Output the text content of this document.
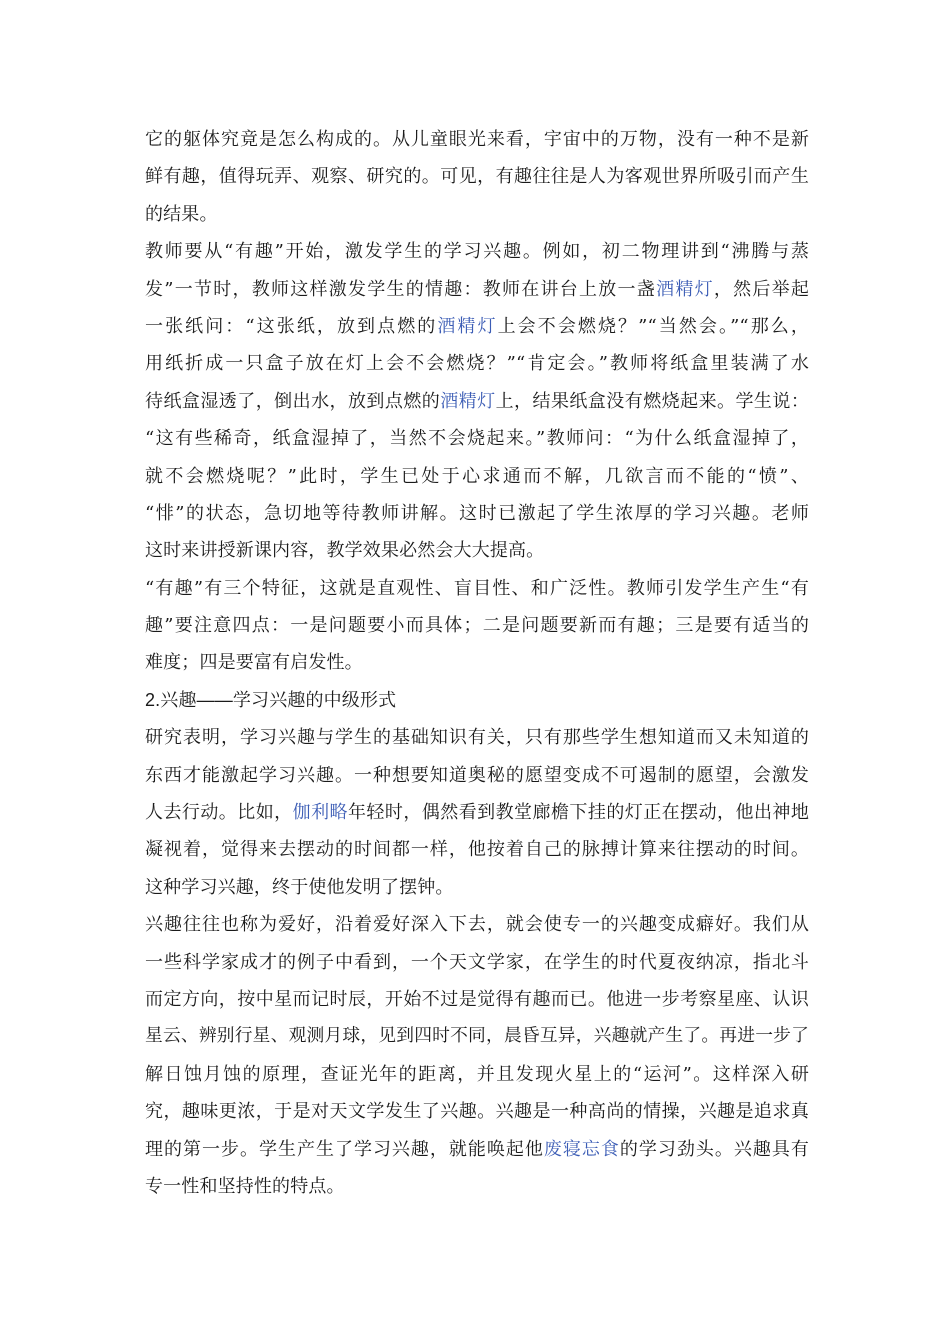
它的躯体究竟是怎么构成的。从儿童眼光来看，宇宙中的万物，没有一种不是新
鲜有趣，值得玩弄、观察、研究的。可见，有趣往往是人为客观世界所吸引而产生
的结果。
教师要从“有趣”开始，激发学生的学习兴趣。例如，初二物理讲到“沸腾与蒸
发”一节时，教师这样激发学生的情趣：教师在讲台上放一盏酒精灯，然后举起
一张纸问：“这张纸，放到点燃的酒精灯上会不会燃烧？”“当然会。”“那么，
用纸折成一只盒子放在灯上会不会燃烧？”“肯定会。”教师将纸盒里装满了水
待纸盒湿透了，倒出水，放到点燃的酒精灯上，结果纸盒没有燃烧起来。学生说：
“这有些稀奇，纸盒湿掉了，当然不会烧起来。”教师问：“为什么纸盒湿掉了，
就不会燃烧呢？”此时，学生已处于心求通而不解，几欲言而不能的“愤”、
“悱”的状态，急切地等待教师讲解。这时已激起了学生浓厚的学习兴趣。老师
这时来讲授新课内容，教学效果必然会大大提高。
“有趣”有三个特征，这就是直观性、盲目性、和广泛性。教师引发学生产生“有
趣”要注意四点：一是问题要小而具体；二是问题要新而有趣；三是要有适当的
难度；四是要富有启发性。
2.兴趣——学习兴趣的中级形式
研究表明，学习兴趣与学生的基础知识有关，只有那些学生想知道而又未知道的
东西才能激起学习兴趣。一种想要知道奥秘的愿望变成不可遏制的愿望，会激发
人去行动。比如，伽利略年轻时，偶然看到教堂廊檐下挂的灯正在摆动，他出神地
凝视着，觉得来去摆动的时间都一样，他按着自己的脉搏计算来往摆动的时间。
这种学习兴趣，终于使他发明了摆钟。
兴趣往往也称为爱好，沿着爱好深入下去，就会使专一的兴趣变成癖好。我们从
一些科学家成才的例子中看到，一个天文学家，在学生的时代夏夜纳凉，指北斗
而定方向，按中星而记时辰，开始不过是觉得有趣而已。他进一步考察星座、认识
星云、辨别行星、观测月球，见到四时不同，晨昏互异，兴趣就产生了。再进一步了
解日蚀月蚀的原理，查证光年的距离，并且发现火星上的“运河”。这样深入研
究，趣味更浓，于是对天文学发生了兴趣。兴趣是一种高尚的情操，兴趣是追求真
理的第一步。学生产生了学习兴趣，就能唤起他废寝忘食的学习劲头。兴趣具有
专一性和坚持性的特点。
